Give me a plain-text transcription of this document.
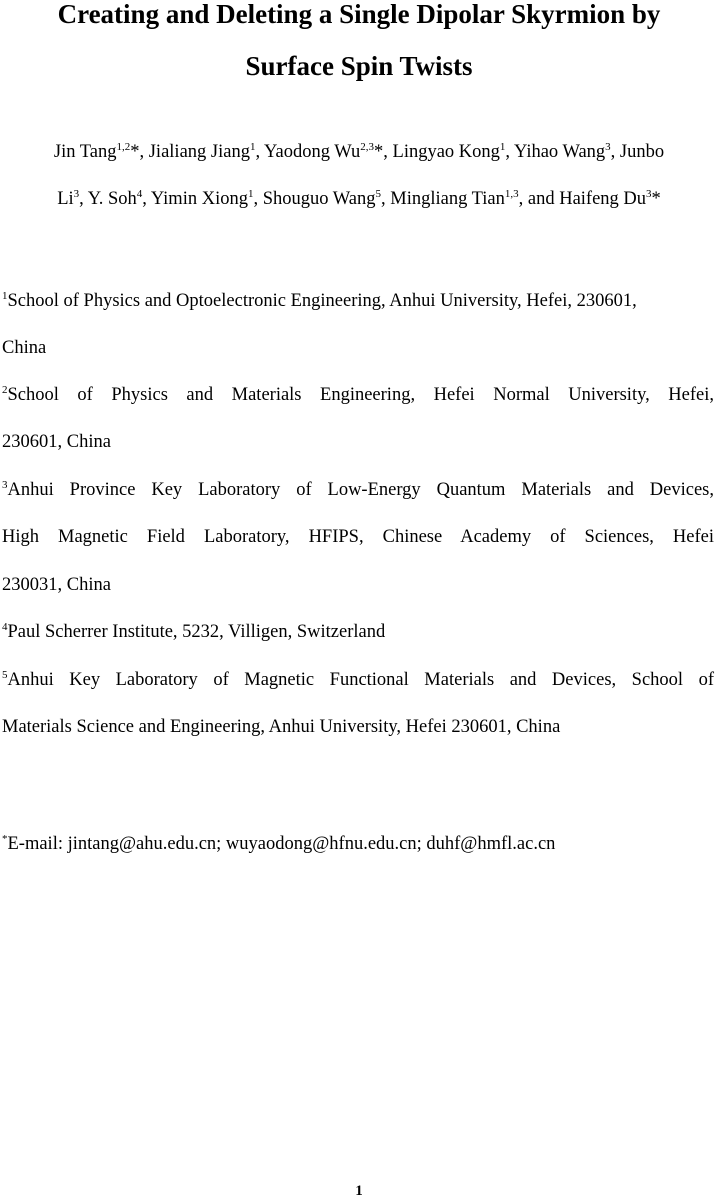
Creating and Deleting a Single Dipolar Skyrmion by
Surface Spin Twists
Jin Tang$^{1,2}$*, Jialiang Jiang$^1$, Yaodong Wu$^{2,3}$*, Lingyao Kong$^1$, Yihao Wang$^3$, Junbo
Li$^3$, Y. Soh$^4$, Yimin Xiong$^1$, Shouguo Wang$^5$, Mingliang Tian$^{1,3}$, and Haifeng Du$^3$*
$^1$School of Physics and Optoelectronic Engineering, Anhui University, Hefei, 230601,
China
$^2$School of Physics and Materials Engineering, Hefei Normal University, Hefei,
230601, China
$^3$Anhui Province Key Laboratory of Low-Energy Quantum Materials and Devices,
High Magnetic Field Laboratory, HFIPS, Chinese Academy of Sciences, Hefei
230031, China
$^4$Paul Scherrer Institute, 5232, Villigen, Switzerland
$^5$Anhui Key Laboratory of Magnetic Functional Materials and Devices, School of
Materials Science and Engineering, Anhui University, Hefei 230601, China
*E-mail: jintang@ahu.edu.cn; wuyaodong@hfnu.edu.cn; duhf@hmfl.ac.cn
1
